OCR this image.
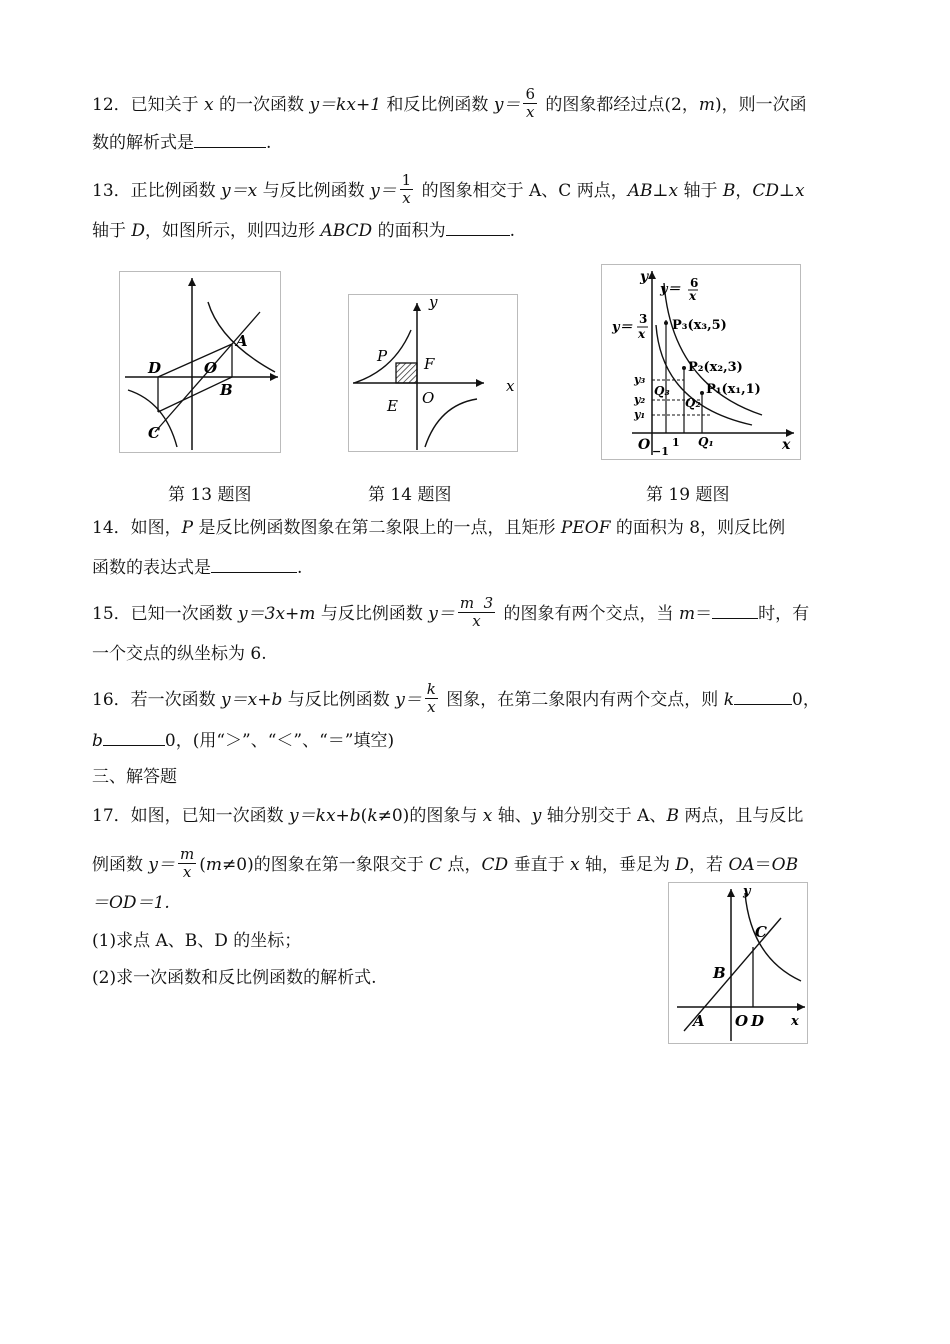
12．已知关于 x 的一次函数 y＝kx+1 和反比例函数 $y= \frac{6}{x}$ 的图象都经过点(2，m)，则一次函
数的解析式是	.
13．正比例函数 y＝x 与反比例函数 $y= \frac{1}{x}$ 的图象相交于 A、C 两点，AB⊥x 轴于 B，CD⊥x
轴于 D，如图所示，则四边形 ABCD 的面积为	.
A
B
C
D	O
P F
E O
x
y
y
x
O
y＝ 6
x
y＝
3
x
P₃(x₃,5)
P₂(x₂,3)
P₁(x₁,1)
y₃
y₂
y₁
Q₃
Q₂
Q₁
−1
1
第 13 题图	第 14 题图	第 19 题图
14．如图，P 是反比例函数图象在第二象限上的一点，且矩形 PEOF 的面积为 8，则反比例
函数的表达式是	.
15．已知一次函数 y＝3x+m 与反比例函数 $y= \frac{m 3}{x}$ 的图象有两个交点，当 m＝	时，有
一个交点的纵坐标为 6.
16．若一次函数 y＝x+b 与反比例函数 $y= \frac{k}{x}$ 图象，在第二象限内有两个交点，则 k	0，
b	0，(用“＞”、“＜”、“＝”填空)
三、解答题
17．如图，已知一次函数 y＝kx+b(k≠0)的图象与 x 轴、y 轴分别交于 A、B 两点，且与反比
例函数 $y= \frac{m}{x} (m\ne 0)$的图象在第一象限交于 C 点，CD 垂直于 x 轴，垂足为 D，若 OA＝OB
＝OD＝1.
(1)求点 A、B、D 的坐标；
(2)求一次函数和反比例函数的解析式.
y
C
B
A O D x
